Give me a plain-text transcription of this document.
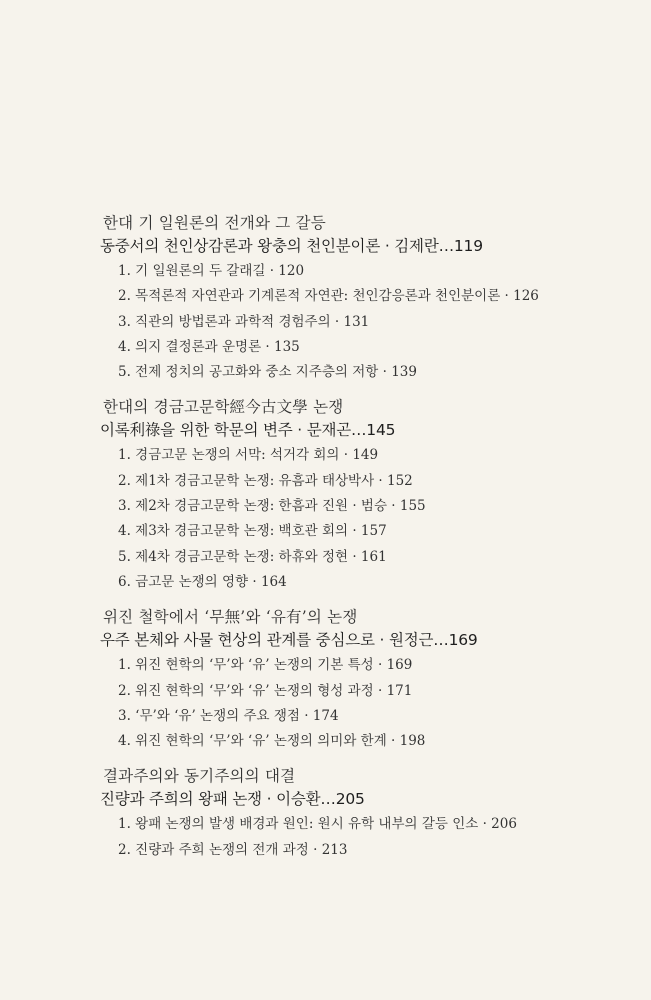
한대 기 일원론의 전개와 그 갈등
동중서의 천인상감론과 왕충의 천인분이론 · 김제란…119
1. 기 일원론의 두 갈래길 · 120
2. 목적론적 자연관과 기계론적 자연관: 천인감응론과 천인분이론 · 126
3. 직관의 방법론과 과학적 경험주의 · 131
4. 의지 결정론과 운명론 · 135
5. 전제 정치의 공고화와 중소 지주층의 저항 · 139
한대의 경금고문학經今古文學 논쟁
이록利祿을 위한 학문의 변주 · 문재곤…145
1. 경금고문 논쟁의 서막: 석거각 회의 · 149
2. 제1차 경금고문학 논쟁: 유흠과 태상박사 · 152
3. 제2차 경금고문학 논쟁: 한흠과 진원 · 범승 · 155
4. 제3차 경금고문학 논쟁: 백호관 회의 · 157
5. 제4차 경금고문학 논쟁: 하휴와 정현 · 161
6. 금고문 논쟁의 영향 · 164
위진 철학에서 ‘무無’와 ‘유有’의 논쟁
우주 본체와 사물 현상의 관계를 중심으로 · 원정근…169
1. 위진 현학의 ‘무’와 ‘유’ 논쟁의 기본 특성 · 169
2. 위진 현학의 ‘무’와 ‘유’ 논쟁의 형성 과정 · 171
3. ‘무’와 ‘유’ 논쟁의 주요 쟁점 · 174
4. 위진 현학의 ‘무’와 ‘유’ 논쟁의 의미와 한계 · 198
결과주의와 동기주의의 대결
진량과 주희의 왕패 논쟁 · 이승환…205
1. 왕패 논쟁의 발생 배경과 원인: 원시 유학 내부의 갈등 인소 · 206
2. 진량과 주희 논쟁의 전개 과정 · 213
